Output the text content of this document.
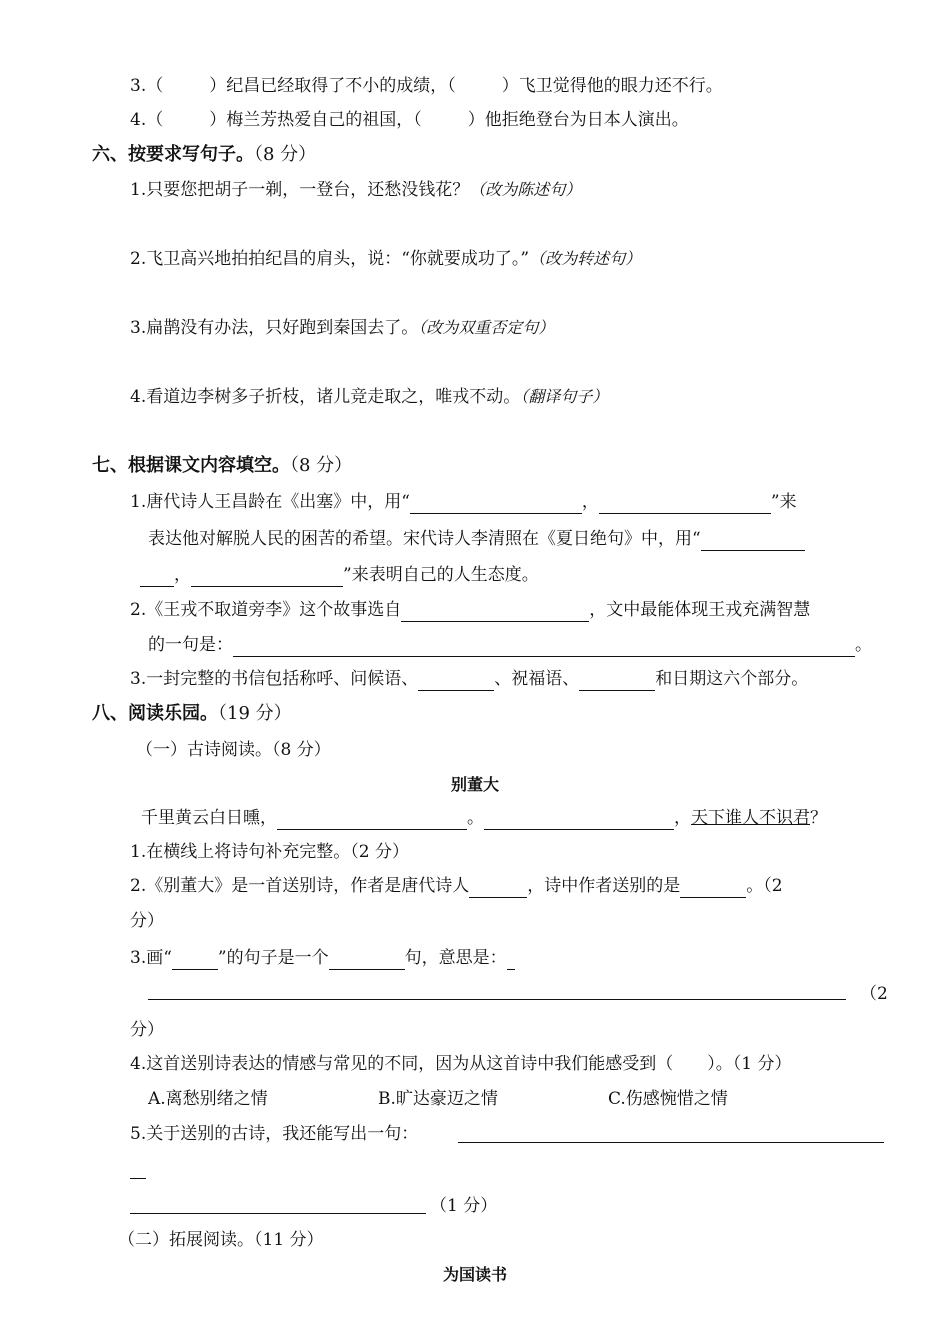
3.（	）纪昌已经取得了不小的成绩，（	）飞卫觉得他的眼力还不行。
4.（	）梅兰芳热爱自己的祖国，（	）他拒绝登台为日本人演出。
六、按要求写句子。（8 分）
1.只要您把胡子一剃，一登台，还愁没钱花？（改为陈述句）
2.飞卫高兴地拍拍纪昌的肩头，说：“你就要成功了。”（改为转述句）
3.扁鹊没有办法，只好跑到秦国去了。（改为双重否定句）
4.看道边李树多子折枝，诸儿竞走取之，唯戎不动。（翻译句子）
七、根据课文内容填空。（8 分）
1.唐代诗人王昌龄在《出塞》中，用“	，	”来
表达他对解脱人民的困苦的希望。宋代诗人李清照在《夏日绝句》中，用“
，	”来表明自己的人生态度。
2.《王戎不取道旁李》这个故事选自	，文中最能体现王戎充满智慧
的一句是：	。
3.一封完整的书信包括称呼、问候语、	、祝福语、	和日期这六个部分。
八、阅读乐园。（19 分）
（一）古诗阅读。（8 分）
别董大
千里黄云白日曛，	。	，天下谁人不识君？
1.在横线上将诗句补充完整。（2 分）
2.《别董大》是一首送别诗，作者是唐代诗人	，诗中作者送别的是	。（2
分）
3.画“	”的句子是一个	句，意思是：
（2
分）
4.这首送别诗表达的情感与常见的不同，因为从这首诗中我们能感受到（　　）。（1 分）
A.离愁别绪之情	B.旷达豪迈之情	C.伤感惋惜之情
5.关于送别的古诗，我还能写出一句：
（1 分）
（二）拓展阅读。（11 分）
为国读书
